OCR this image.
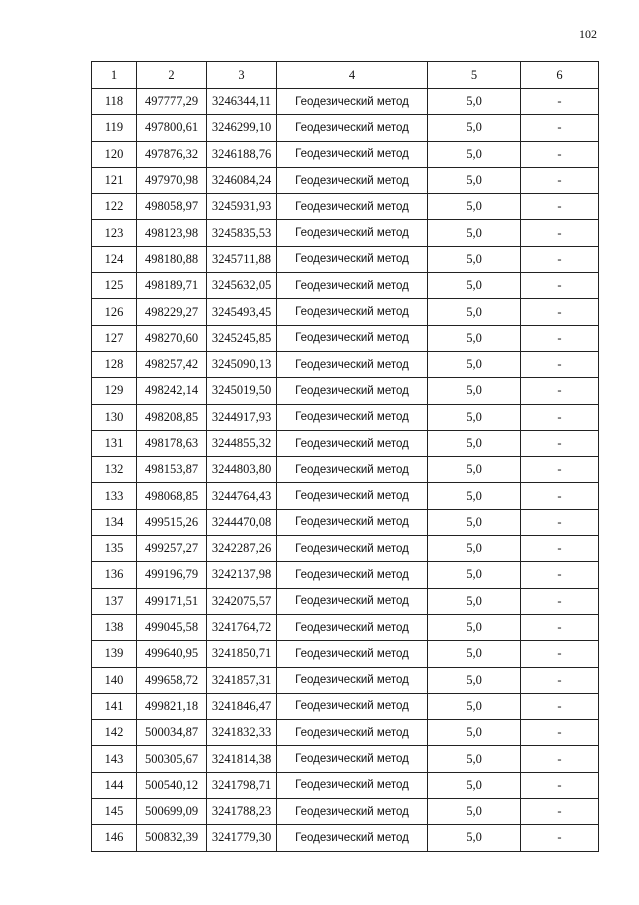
102
1	2	3	4	5	6
118	497777,29	3246344,11	Геодезический метод	5,0	-
119	497800,61	3246299,10	Геодезический метод	5,0	-
120	497876,32	3246188,76	Геодезический метод	5,0	-
121	497970,98	3246084,24	Геодезический метод	5,0	-
122	498058,97	3245931,93	Геодезический метод	5,0	-
123	498123,98	3245835,53	Геодезический метод	5,0	-
124	498180,88	3245711,88	Геодезический метод	5,0	-
125	498189,71	3245632,05	Геодезический метод	5,0	-
126	498229,27	3245493,45	Геодезический метод	5,0	-
127	498270,60	3245245,85	Геодезический метод	5,0	-
128	498257,42	3245090,13	Геодезический метод	5,0	-
129	498242,14	3245019,50	Геодезический метод	5,0	-
130	498208,85	3244917,93	Геодезический метод	5,0	-
131	498178,63	3244855,32	Геодезический метод	5,0	-
132	498153,87	3244803,80	Геодезический метод	5,0	-
133	498068,85	3244764,43	Геодезический метод	5,0	-
134	499515,26	3244470,08	Геодезический метод	5,0	-
135	499257,27	3242287,26	Геодезический метод	5,0	-
136	499196,79	3242137,98	Геодезический метод	5,0	-
137	499171,51	3242075,57	Геодезический метод	5,0	-
138	499045,58	3241764,72	Геодезический метод	5,0	-
139	499640,95	3241850,71	Геодезический метод	5,0	-
140	499658,72	3241857,31	Геодезический метод	5,0	-
141	499821,18	3241846,47	Геодезический метод	5,0	-
142	500034,87	3241832,33	Геодезический метод	5,0	-
143	500305,67	3241814,38	Геодезический метод	5,0	-
144	500540,12	3241798,71	Геодезический метод	5,0	-
145	500699,09	3241788,23	Геодезический метод	5,0	-
146	500832,39	3241779,30	Геодезический метод	5,0	-
